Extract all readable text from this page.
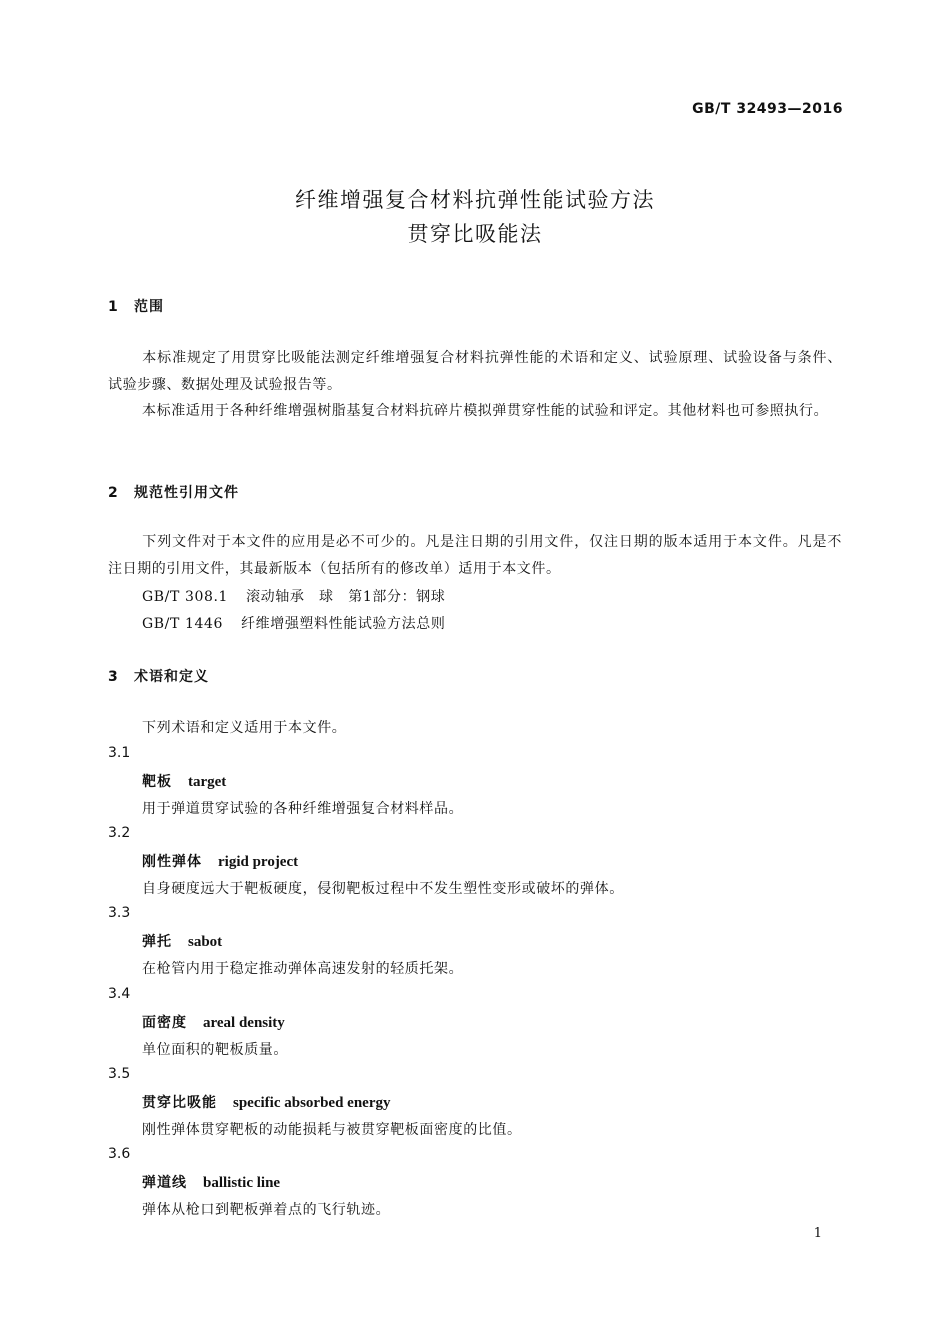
GB/T 32493—2016
纤维增强复合材料抗弹性能试验方法
贯穿比吸能法
1 范围
本标准规定了用贯穿比吸能法测定纤维增强复合材料抗弹性能的术语和定义、试验原理、试验设备与条件、试验步骤、数据处理及试验报告等。
本标准适用于各种纤维增强树脂基复合材料抗碎片模拟弹贯穿性能的试验和评定。其他材料也可参照执行。
2 规范性引用文件
下列文件对于本文件的应用是必不可少的。凡是注日期的引用文件，仅注日期的版本适用于本文件。凡是不注日期的引用文件，其最新版本（包括所有的修改单）适用于本文件。
GB/T 308.1 滚动轴承　球　第1部分：钢球
GB/T 1446 纤维增强塑料性能试验方法总则
3 术语和定义
下列术语和定义适用于本文件。
3.1
靶板 target
用于弹道贯穿试验的各种纤维增强复合材料样品。
3.2
刚性弹体 rigid project
自身硬度远大于靶板硬度，侵彻靶板过程中不发生塑性变形或破坏的弹体。
3.3
弹托 sabot
在枪管内用于稳定推动弹体高速发射的轻质托架。
3.4
面密度 areal density
单位面积的靶板质量。
3.5
贯穿比吸能 specific absorbed energy
刚性弹体贯穿靶板的动能损耗与被贯穿靶板面密度的比值。
3.6
弹道线 ballistic line
弹体从枪口到靶板弹着点的飞行轨迹。
1
